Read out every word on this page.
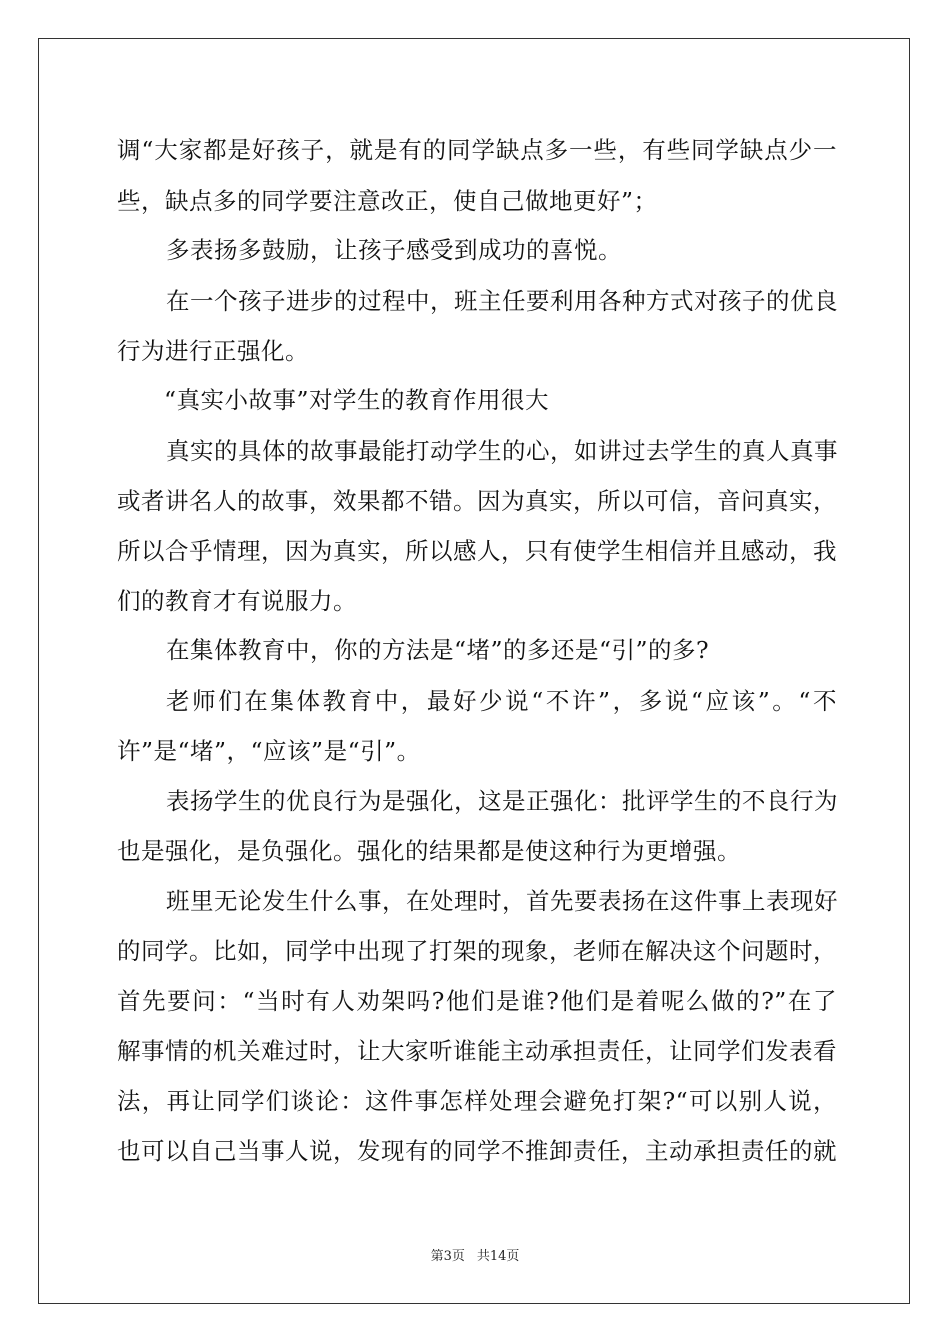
调“大家都是好孩子，就是有的同学缺点多一些，有些同学缺点少一
些，缺点多的同学要注意改正，使自己做地更好”；
多表扬多鼓励，让孩子感受到成功的喜悦。
在一个孩子进步的过程中，班主任要利用各种方式对孩子的优良
行为进行正强化。
“真实小故事”对学生的教育作用很大
真实的具体的故事最能打动学生的心，如讲过去学生的真人真事
或者讲名人的故事，效果都不错。因为真实，所以可信，音问真实，
所以合乎情理，因为真实，所以感人，只有使学生相信并且感动，我
们的教育才有说服力。
在集体教育中，你的方法是“堵”的多还是“引”的多?
老师们在集体教育中，最好少说“不许”，多说“应该”。“不
许”是“堵”，“应该”是“引”。
表扬学生的优良行为是强化，这是正强化：批评学生的不良行为
也是强化，是负强化。强化的结果都是使这种行为更增强。
班里无论发生什么事，在处理时，首先要表扬在这件事上表现好
的同学。比如，同学中出现了打架的现象，老师在解决这个问题时，
首先要问：“当时有人劝架吗?他们是谁?他们是着呢么做的?”在了
解事情的机关难过时，让大家听谁能主动承担责任，让同学们发表看
法，再让同学们谈论：这件事怎样处理会避免打架?“可以别人说，
也可以自己当事人说，发现有的同学不推卸责任，主动承担责任的就
第3页 共14页
